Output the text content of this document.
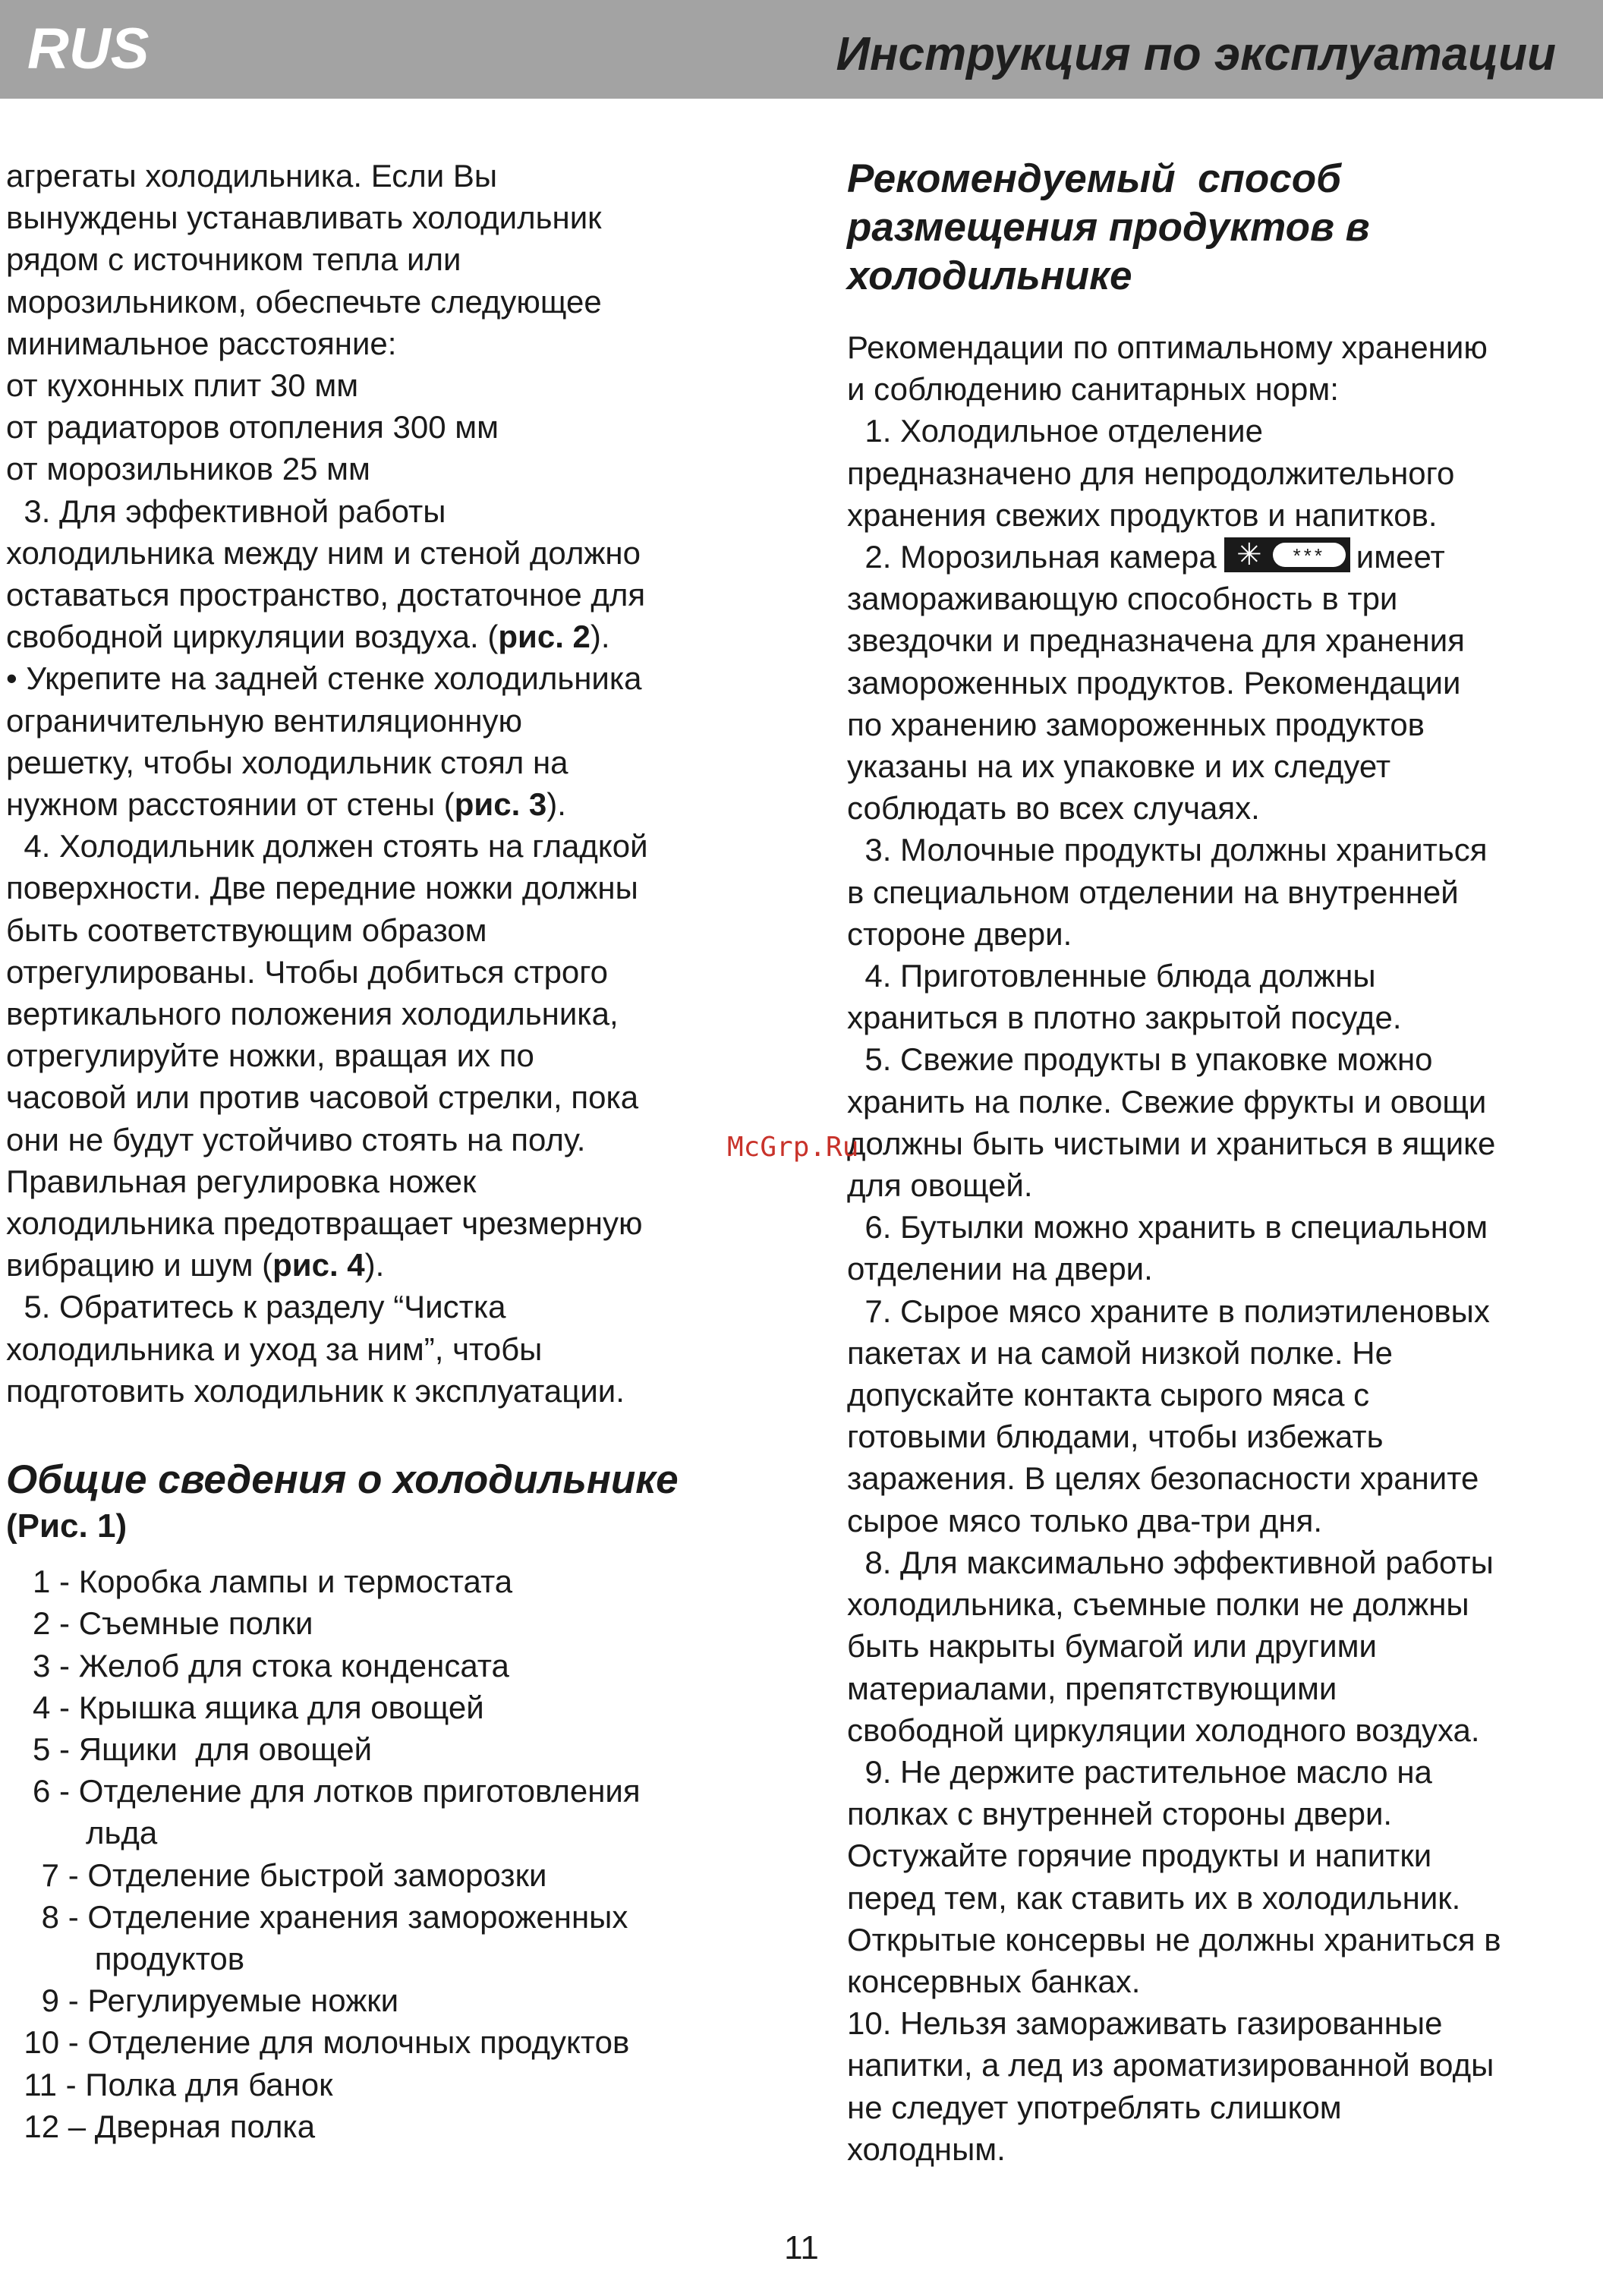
RUS	Инструкция по эксплуатации
агрегаты холодильника. Если Вы
вынуждены устанавливать холодильник
рядом с источником тепла или
морозильником, обеспечьте следующее
минимальное расстояние:
от кухонных плит 30 мм
от радиаторов отопления 300 мм
от морозильников 25 мм
3. Для эффективной работы
холодильника между ним и стеной должно
оставаться пространство, достаточное для
свободной циркуляции воздуха. (рис. 2).
• Укрепите на задней стенке холодильника
ограничительную вентиляционную
решетку, чтобы холодильник стоял на
нужном расстоянии от стены (рис. 3).
4. Холодильник должен стоять на гладкой
поверхности. Две передние ножки должны
быть соответствующим образом
отрегулированы. Чтобы добиться строго
вертикального положения холодильника,
отрегулируйте ножки, вращая их по
часовой или против часовой стрелки, пока
они не будут устойчиво стоять на полу.
Правильная регулировка ножек
холодильника предотвращает чрезмерную
вибрацию и шум (рис. 4).
5. Обратитесь к разделу “Чистка
холодильника и уход за ним”, чтобы
подготовить холодильник к эксплуатации.
Общие сведения о холодильнике
(Рис. 1)
1 - Коробка лампы и термостата
2 - Съемные полки
3 - Желоб для стока конденсата
4 - Крышка ящика для овощей
5 - Ящики  для овощей
6 - Отделение для лотков приготовления
льда
7 - Отделение быстрой заморозки
8 - Отделение хранения замороженных
продуктов
9 - Регулируемые ножки
10 - Отделение для молочных продуктов
11 - Полка для банок
12 – Дверная полка
Рекомендуемый  способ
размещения продуктов в
холодильнике
Рекомендации по оптимальному хранению
и соблюдению санитарных норм:
1. Холодильное отделение
предназначено для непродолжительного
хранения свежих продуктов и напитков.
2. Морозильная камера ✳	*** имеет
замораживающую способность в три
звездочки и предназначена для хранения
замороженных продуктов. Рекомендации
по хранению замороженных продуктов
указаны на их упаковке и их следует
соблюдать во всех случаях.
3. Молочные продукты должны храниться
в специальном отделении на внутренней
стороне двери.
4. Приготовленные блюда должны
храниться в плотно закрытой посуде.
5. Свежие продукты в упаковке можно
хранить на полке. Свежие фрукты и овощи
должны быть чистыми и храниться в ящике
для овощей.
6. Бутылки можно хранить в специальном
отделении на двери.
7. Сырое мясо храните в полиэтиленовых
пакетах и на самой низкой полке. Не
допускайте контакта сырого мяса с
готовыми блюдами, чтобы избежать
заражения. В целях безопасности храните
сырое мясо только два-три дня.
8. Для максимально эффективной работы
холодильника, съемные полки не должны
быть накрыты бумагой или другими
материалами, препятствующими
свободной циркуляции холодного воздуха.
9. Не держите растительное масло на
полках с внутренней стороны двери.
Остужайте горячие продукты и напитки
перед тем, как ставить их в холодильник.
Открытые консервы не должны храниться в
консервных банках.
10. Нельзя замораживать газированные
напитки, а лед из ароматизированной воды
не следует употреблять слишком
холодным.
McGrp.Ru
11
